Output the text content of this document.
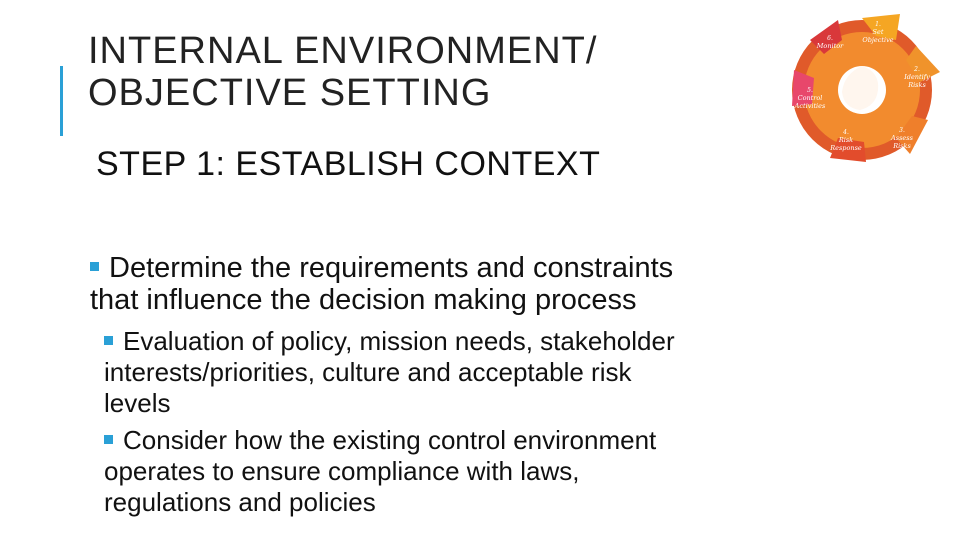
INTERNAL ENVIRONMENT/
OBJECTIVE SETTING
STEP 1: ESTABLISH CONTEXT
1.
Set
Objective
2.
Identify
Risks
3.
Assess
Risks
4.
Risk
Response
5.
Control
Activities
6.
Monitor
Determine the requirements and constraints
that influence the decision making process
Evaluation of policy, mission needs, stakeholder
interests/priorities, culture and acceptable risk
levels
Consider how the existing control environment
operates to ensure compliance with laws,
regulations and policies
